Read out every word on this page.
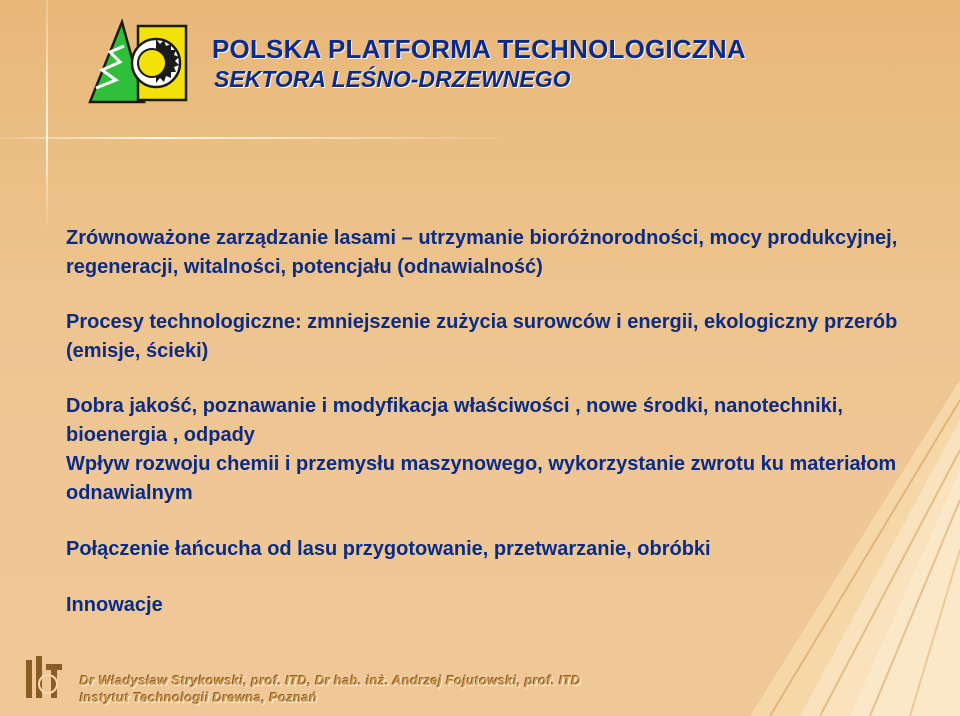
POLSKA PLATFORMA TECHNOLOGICZNA
SEKTORA LEŚNO-DRZEWNEGO

Zrównoważone zarządzanie lasami – utrzymanie bioróżnorodności, mocy produkcyjnej, regeneracji, witalności, potencjału (odnawialność)

Procesy technologiczne: zmniejszenie zużycia surowców i energii, ekologiczny przerób (emisje, ścieki)

Dobra jakość, poznawanie i modyfikacja właściwości , nowe środki, nanotechniki, bioenergia , odpady

Wpływ rozwoju chemii i przemysłu maszynowego, wykorzystanie zwrotu ku materiałom odnawialnym

Połączenie łańcucha od lasu przygotowanie, przetwarzanie, obróbki

Innowacje

Dr Władysław Strykowski, prof. ITD, Dr hab. inż. Andrzej Fojutowski, prof. ITD
Instytut Technologii Drewna, Poznań
